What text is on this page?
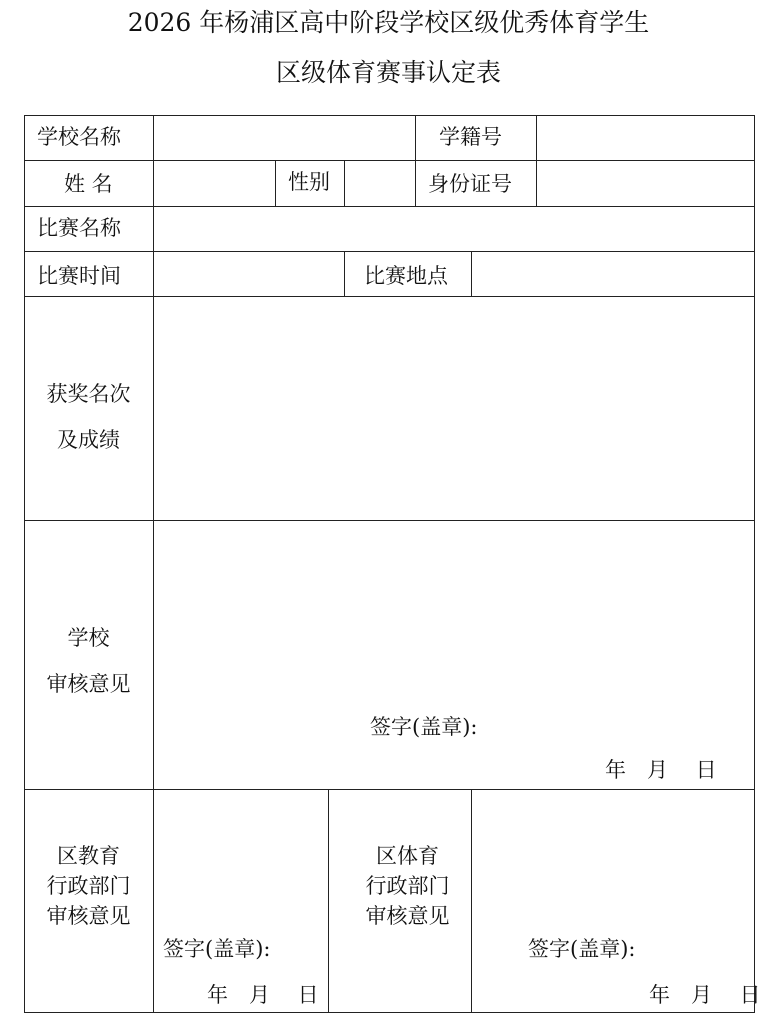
2026 年杨浦区高中阶段学校区级优秀体育学生
区级体育赛事认定表
学校名称	学籍号
姓 名	性别	身份证号
比赛名称
比赛时间	比赛地点
获奖名次
及成绩
学校
审核意见
签字(盖章):
年　月　 日
区教育
行政部门
审核意见
签字(盖章):
年　月　 日
区体育
行政部门
审核意见
签字(盖章):
年　月　 日
